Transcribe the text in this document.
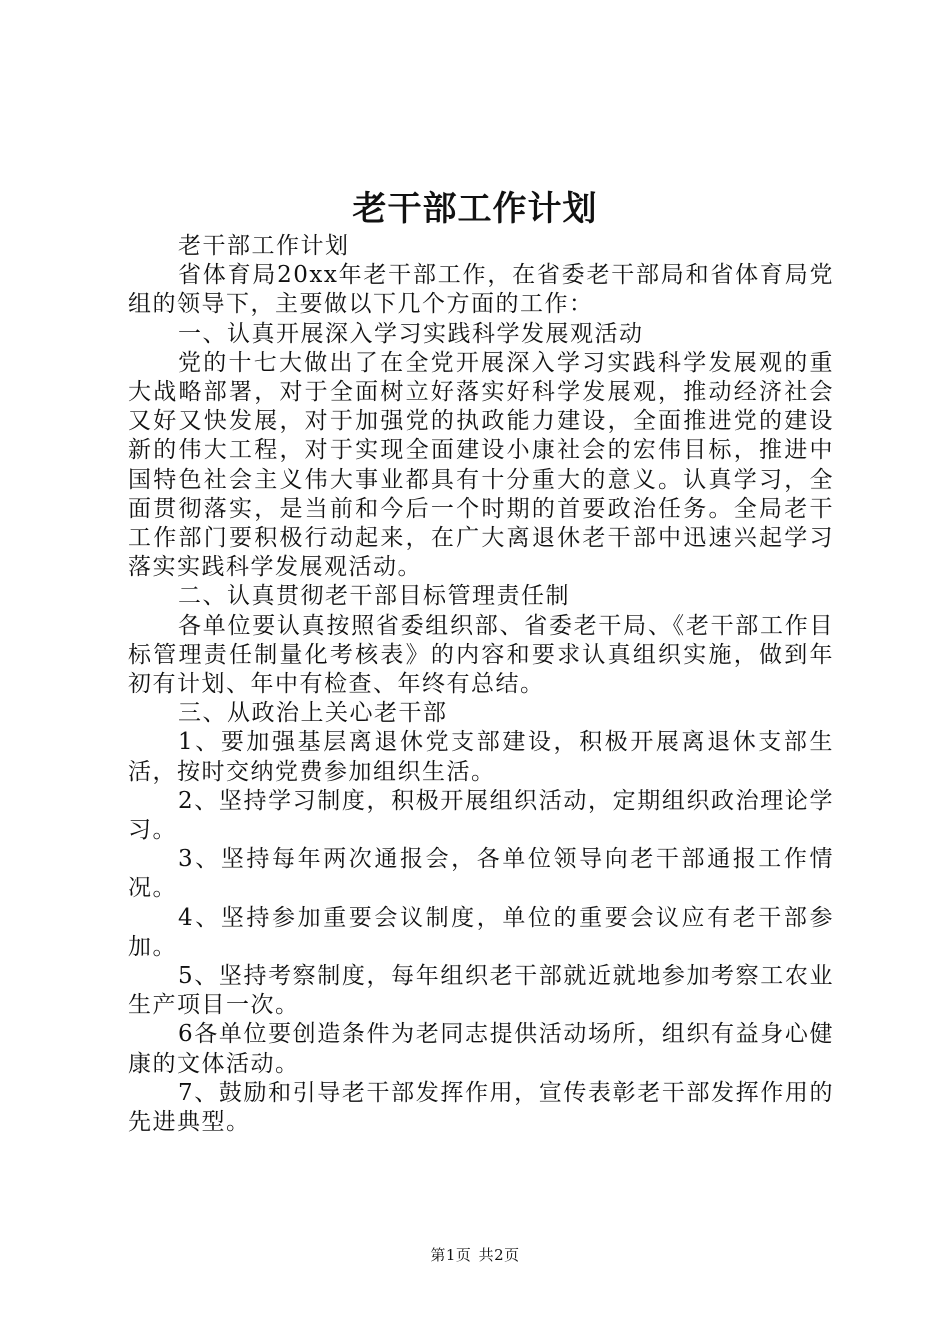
老干部工作计划

老干部工作计划

省体育局20xx年老干部工作，在省委老干部局和省体育局党组的领导下，主要做以下几个方面的工作：

一、认真开展深入学习实践科学发展观活动

党的十七大做出了在全党开展深入学习实践科学发展观的重大战略部署，对于全面树立好落实好科学发展观，推动经济社会又好又快发展，对于加强党的执政能力建设，全面推进党的建设新的伟大工程，对于实现全面建设小康社会的宏伟目标，推进中国特色社会主义伟大事业都具有十分重大的意义。认真学习，全面贯彻落实，是当前和今后一个时期的首要政治任务。全局老干工作部门要积极行动起来，在广大离退休老干部中迅速兴起学习落实实践科学发展观活动。

二、认真贯彻老干部目标管理责任制

各单位要认真按照省委组织部、省委老干局、《老干部工作目标管理责任制量化考核表》的内容和要求认真组织实施，做到年初有计划、年中有检查、年终有总结。

三、从政治上关心老干部

1、要加强基层离退休党支部建设，积极开展离退休支部生活，按时交纳党费参加组织生活。

2、坚持学习制度，积极开展组织活动，定期组织政治理论学习。

3、坚持每年两次通报会，各单位领导向老干部通报工作情况。

4、坚持参加重要会议制度，单位的重要会议应有老干部参加。

5、坚持考察制度，每年组织老干部就近就地参加考察工农业生产项目一次。

6各单位要创造条件为老同志提供活动场所，组织有益身心健康的文体活动。

7、鼓励和引导老干部发挥作用，宣传表彰老干部发挥作用的先进典型。

第1页 共2页
